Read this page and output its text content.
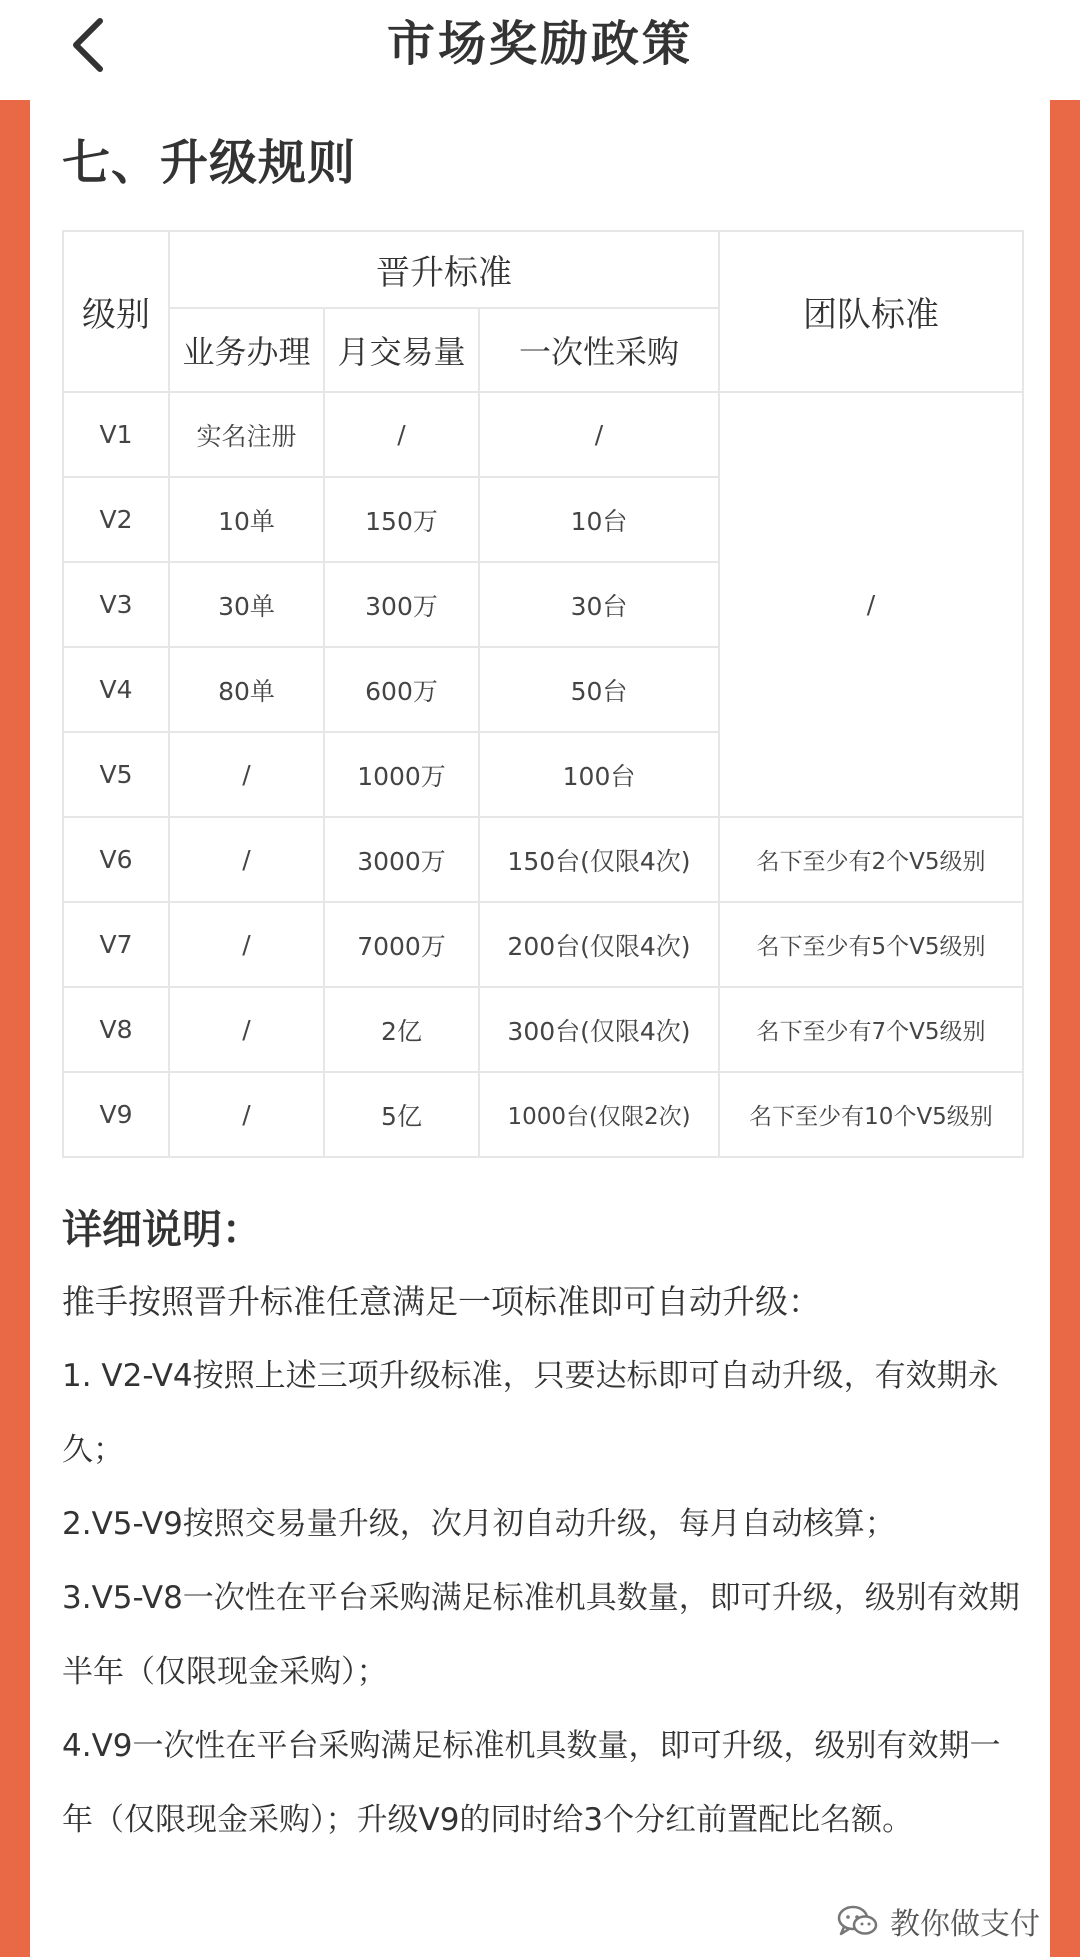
市场奖励政策
七、升级规则
级别	晋升标准			团队标准
	业务办理	月交易量	一次性采购	
V1	实名注册	/	/	/
V2	10单	150万	10台	
V3	30单	300万	30台	
V4	80单	600万	50台	
V5	/	1000万	100台	
V6	/	3000万	150台(仅限4次)	名下至少有2个V5级别
V7	/	7000万	200台(仅限4次)	名下至少有5个V5级别
V8	/	2亿	300台(仅限4次)	名下至少有7个V5级别
V9	/	5亿	1000台(仅限2次)	名下至少有10个V5级别

详细说明：

推手按照晋升标准任意满足一项标准即可自动升级：

1. V2-V4按照上述三项升级标准，只要达标即可自动升级，有效期永久；

2.V5-V9按照交易量升级，次月初自动升级，每月自动核算；

3.V5-V8一次性在平台采购满足标准机具数量，即可升级，级别有效期半年（仅限现金采购）；

4.V9一次性在平台采购满足标准机具数量，即可升级，级别有效期一年（仅限现金采购）；升级V9的同时给3个分红前置配比名额。

教你做支付
